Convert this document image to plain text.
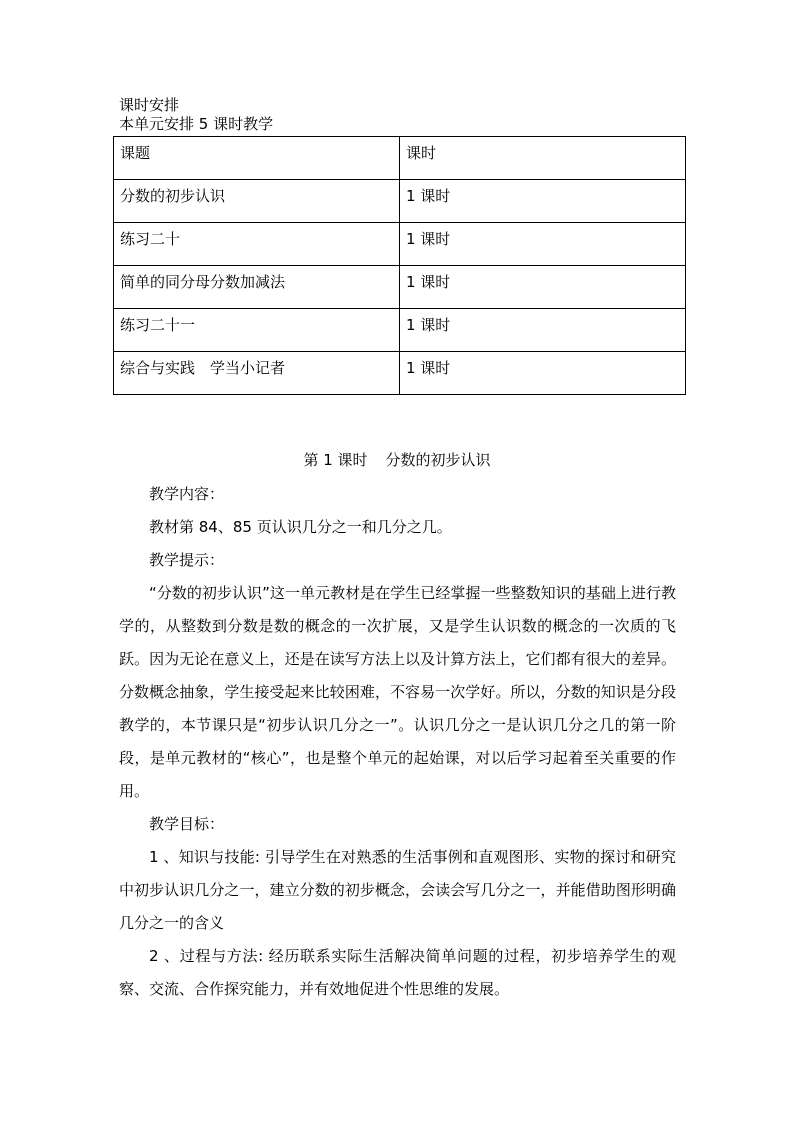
课时安排
本单元安排 5 课时教学
课题	课时
分数的初步认识	1 课时
练习二十	1 课时
简单的同分母分数加减法	1 课时
练习二十一	1 课时
综合与实践　学当小记者	1 课时
第 1 课时 分数的初步认识

教学内容：

教材第 84、85 页认识几分之一和几分之几。

教学提示：

“分数的初步认识”这一单元教材是在学生已经掌握一些整数知识的基础上进行教学的，从整数到分数是数的概念的一次扩展，又是学生认识数的概念的一次质的飞跃。因为无论在意义上，还是在读写方法上以及计算方法上，它们都有很大的差异。分数概念抽象，学生接受起来比较困难，不容易一次学好。所以，分数的知识是分段教学的，本节课只是“初步认识几分之一”。认识几分之一是认识几分之几的第一阶段，是单元教材的“核心”，也是整个单元的起始课，对以后学习起着至关重要的作用。

教学目标：

1 、知识与技能: 引导学生在对熟悉的生活事例和直观图形、实物的探讨和研究中初步认识几分之一，建立分数的初步概念，会读会写几分之一，并能借助图形明确几分之一的含义

2 、过程与方法: 经历联系实际生活解决简单问题的过程，初步培养学生的观察、交流、合作探究能力，并有效地促进个性思维的发展。
